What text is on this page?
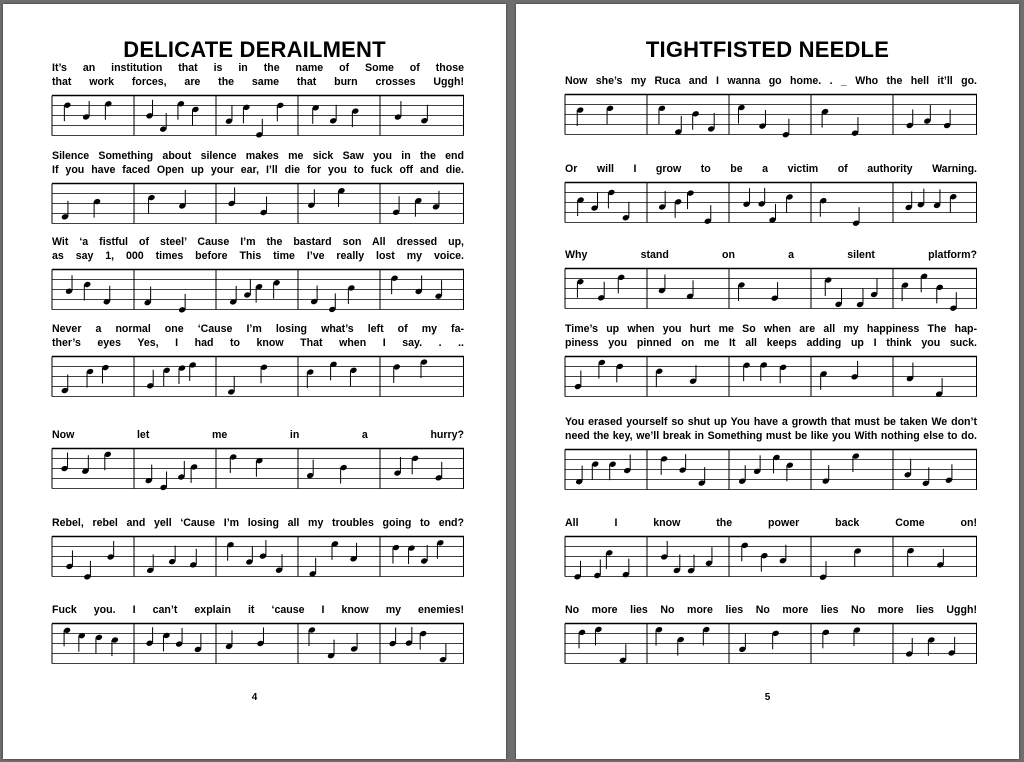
DELICATE DERAILMENT
4
It’s an institution that is in the name of Some of those
that work forces, are the same that burn crosses Uggh!
Silence Something about silence makes me sick Saw you in the end
If you have faced Open up your ear, I’ll die for you to fuck off and die.
Wit ‘a fistful of steel’ Cause I’m the bastard son All dressed up,
as say 1, 000 times before This time I’ve really lost my voice.
Never a normal one ‘Cause I’m losing what’s left of my fa-
ther’s eyes Yes, I had to know That when I say. . ..
Now let me in a hurry?
Rebel, rebel and yell ‘Cause I’m losing all my troubles going to end?
Fuck you. I can’t explain it ‘cause I know my enemies!
TIGHTFISTED NEEDLE
5
Now she’s my Ruca and I wanna go home. . _ Who the hell it’ll go.
Or will I grow to be a victim of authority Warning.
Why stand on a silent platform?
Time’s up when you hurt me So when are all my happiness The hap-
piness you pinned on me It all keeps adding up I think you suck.
You erased yourself so shut up You have a growth that must be taken We don’t
need the key, we’ll break in Something must be like you With nothing else to do.
All I know the power back Come on!
No more lies No more lies No more lies No more lies Uggh!
